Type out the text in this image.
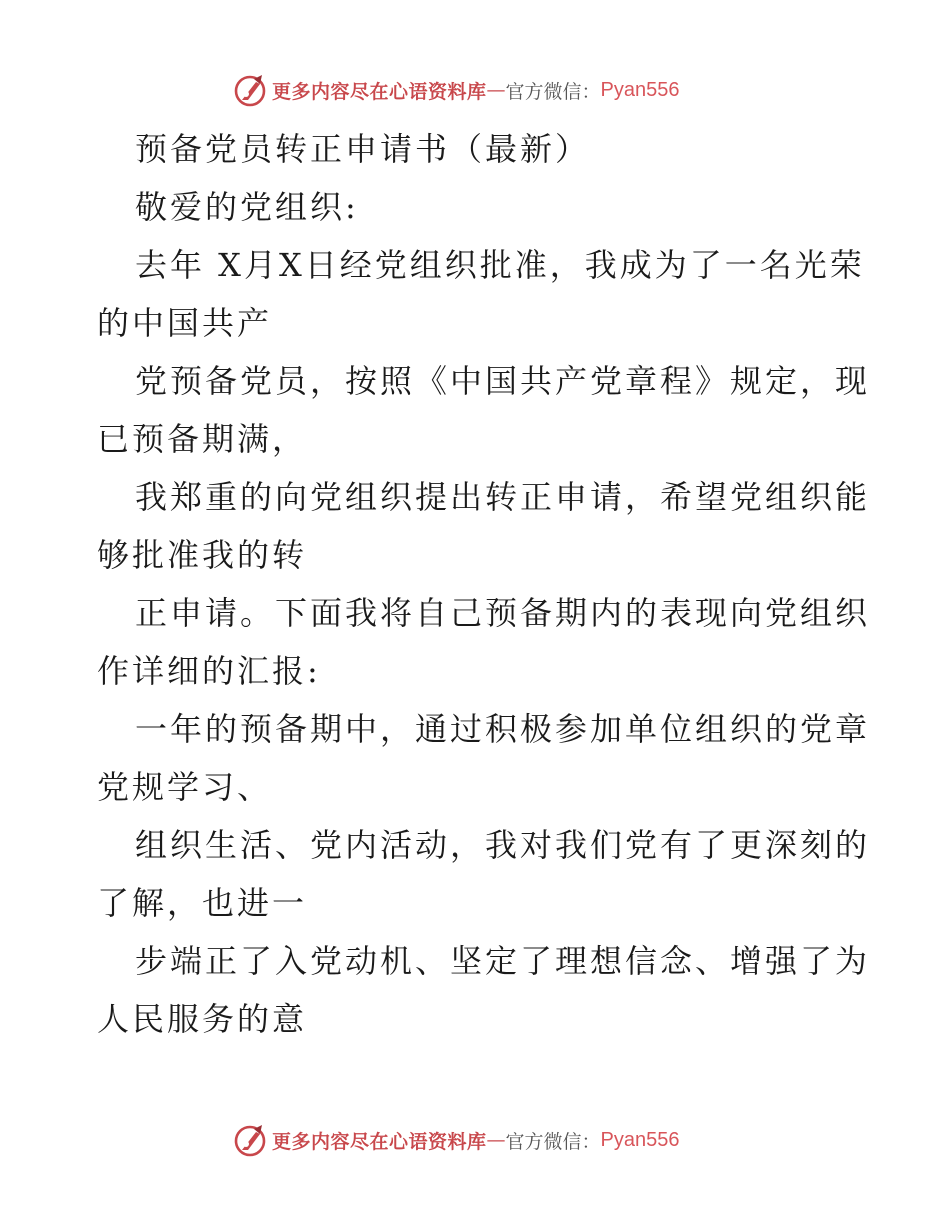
更多内容尽在心语资料库 — 官方微信： Pyan556
预备党员转正申请书（最新）
敬爱的党组织:
去年 X月X日经党组织批准，我成为了一名光荣
的中国共产
党预备党员，按照《中国共产党章程》规定，现
已预备期满，
我郑重的向党组织提出转正申请，希望党组织能
够批准我的转
正申请。下面我将自己预备期内的表现向党组织
作详细的汇报:
一年的预备期中，通过积极参加单位组织的党章
党规学习、
组织生活、党内活动，我对我们党有了更深刻的
了解，也进一
步端正了入党动机、坚定了理想信念、增强了为
人民服务的意
更多内容尽在心语资料库 — 官方微信： Pyan556
